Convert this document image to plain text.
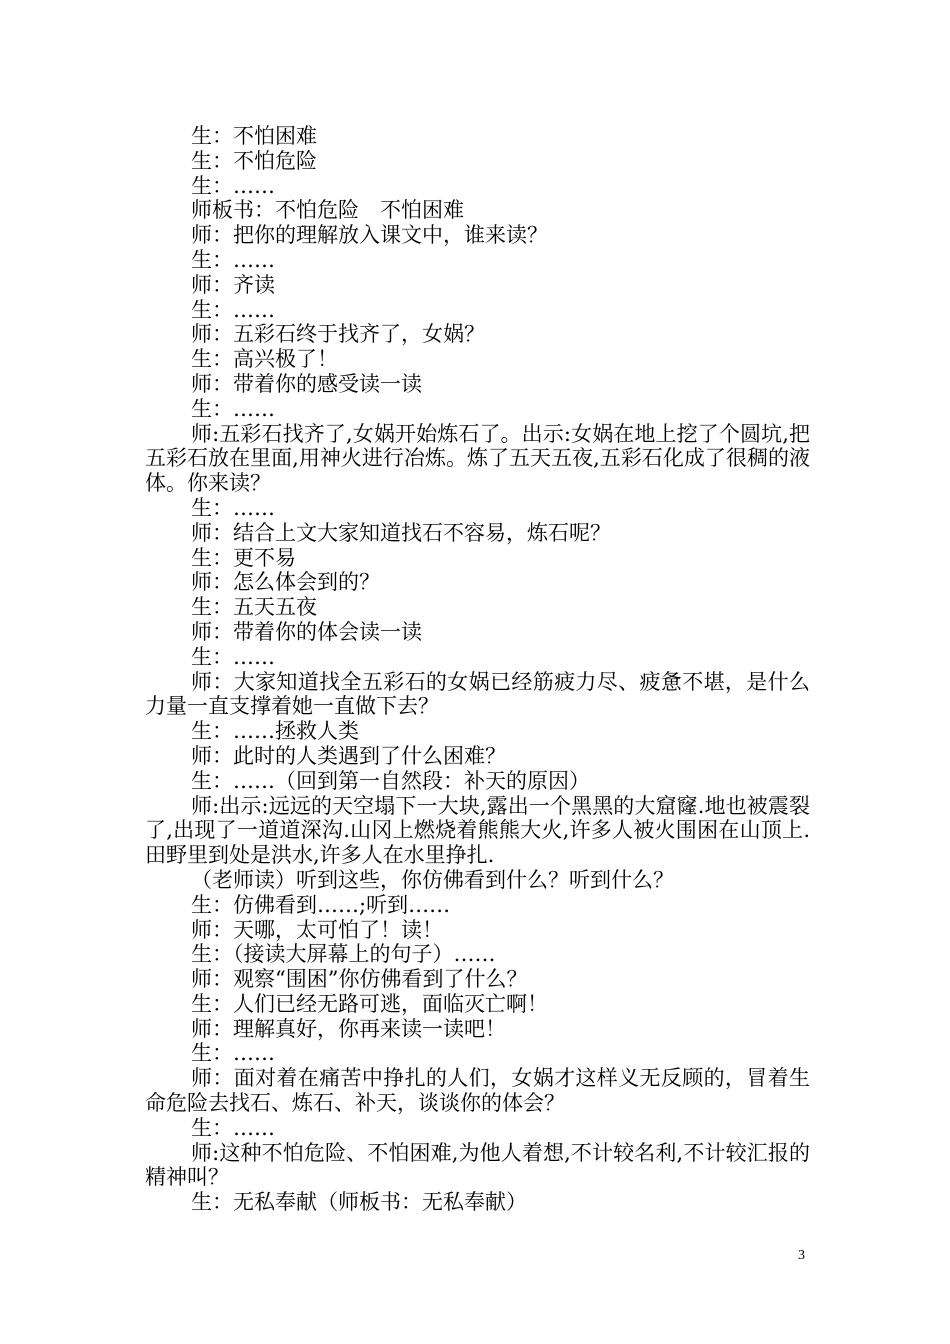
生：不怕困难
生：不怕危险
生：……
师板书：不怕危险　不怕困难
师：把你的理解放入课文中，谁来读？
生：……
师：齐读
生：……
师：五彩石终于找齐了，女娲？
生：高兴极了！
师：带着你的感受读一读
生：……
师:五彩石找齐了,女娲开始炼石了。出示:女娲在地上挖了个圆坑,把五彩石放在里面,用神火进行冶炼。炼了五天五夜,五彩石化成了很稠的液体。你来读？
生：……
师：结合上文大家知道找石不容易，炼石呢？
生：更不易
师：怎么体会到的？
生：五天五夜
师：带着你的体会读一读
生：……
师：大家知道找全五彩石的女娲已经筋疲力尽、疲惫不堪，是什么力量一直支撑着她一直做下去？
生：……拯救人类
师：此时的人类遇到了什么困难？
生：……（回到第一自然段：补天的原因）
师:出示:远远的天空塌下一大块,露出一个黑黑的大窟窿.地也被震裂了,出现了一道道深沟.山冈上燃烧着熊熊大火,许多人被火围困在山顶上.田野里到处是洪水,许多人在水里挣扎.
（老师读）听到这些，你仿佛看到什么？听到什么？
生：仿佛看到……;听到……
师：天哪，太可怕了！读！
生：（接读大屏幕上的句子）……
师：观察“围困”你仿佛看到了什么？
生：人们已经无路可逃，面临灭亡啊！
师：理解真好，你再来读一读吧！
生：……
师：面对着在痛苦中挣扎的人们，女娲才这样义无反顾的，冒着生命危险去找石、炼石、补天，谈谈你的体会？
生：……
师:这种不怕危险、不怕困难,为他人着想,不计较名利,不计较汇报的精神叫？
生：无私奉献（师板书：无私奉献）
3
